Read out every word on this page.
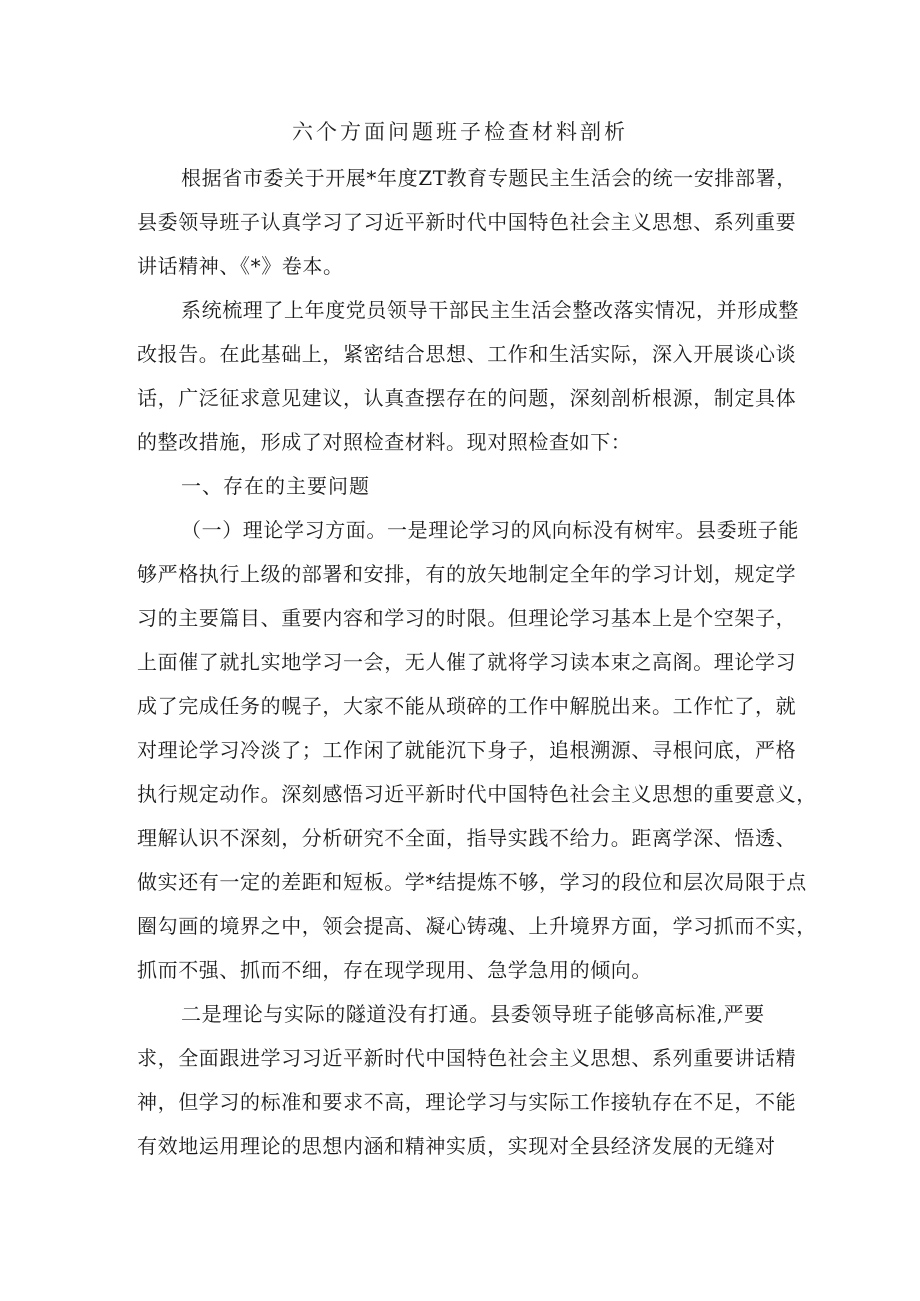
六个方面问题班子检查材料剖析
根据省市委关于开展*年度ZT教育专题民主生活会的统一安排部署，
县委领导班子认真学习了习近平新时代中国特色社会主义思想、系列重要
讲话精神、《*》卷本。
系统梳理了上年度党员领导干部民主生活会整改落实情况，并形成整
改报告。在此基础上，紧密结合思想、工作和生活实际，深入开展谈心谈
话，广泛征求意见建议，认真查摆存在的问题，深刻剖析根源，制定具体
的整改措施，形成了对照检查材料。现对照检查如下：
一、存在的主要问题
（一）理论学习方面。一是理论学习的风向标没有树牢。县委班子能
够严格执行上级的部署和安排，有的放矢地制定全年的学习计划，规定学
习的主要篇目、重要内容和学习的时限。但理论学习基本上是个空架子，
上面催了就扎实地学习一会，无人催了就将学习读本束之高阁。理论学习
成了完成任务的幌子，大家不能从琐碎的工作中解脱出来。工作忙了，就
对理论学习冷淡了；工作闲了就能沉下身子，追根溯源、寻根问底，严格
执行规定动作。深刻感悟习近平新时代中国特色社会主义思想的重要意义，
理解认识不深刻，分析研究不全面，指导实践不给力。距离学深、悟透、
做实还有一定的差距和短板。学*结提炼不够，学习的段位和层次局限于点
圈勾画的境界之中，领会提高、凝心铸魂、上升境界方面，学习抓而不实，
抓而不强、抓而不细，存在现学现用、急学急用的倾向。
二是理论与实际的隧道没有打通。县委领导班子能够高标准,严要
求，全面跟进学习习近平新时代中国特色社会主义思想、系列重要讲话精
神，但学习的标准和要求不高，理论学习与实际工作接轨存在不足，不能
有效地运用理论的思想内涵和精神实质，实现对全县经济发展的无缝对
